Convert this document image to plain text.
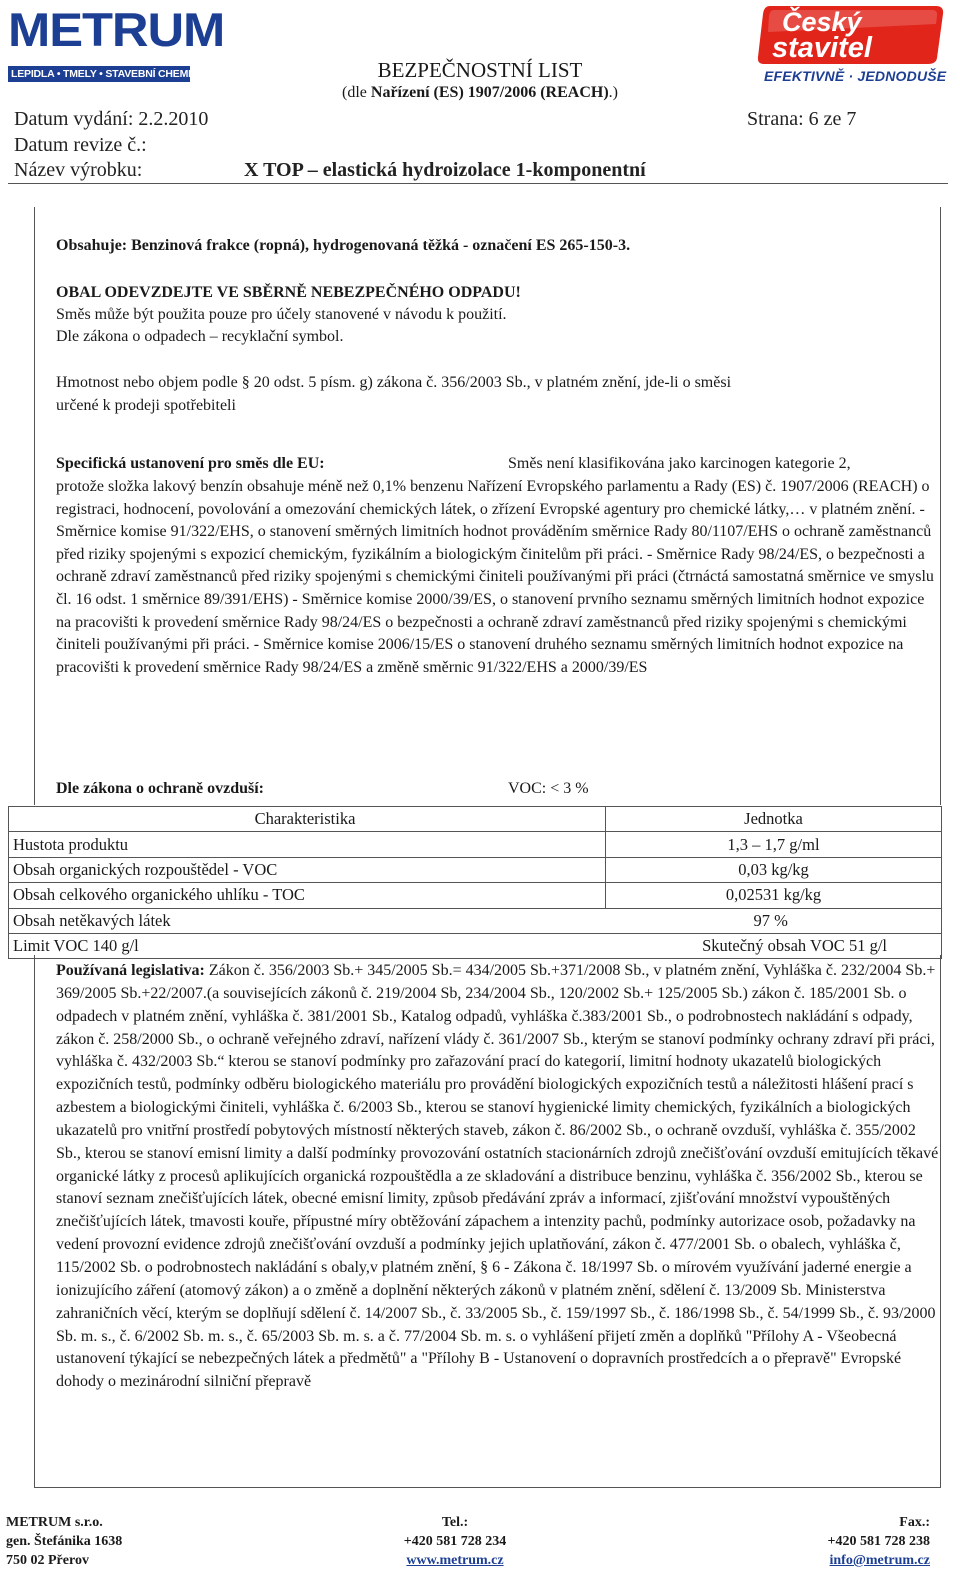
METRUM
LEPIDLA • TMELY • STAVEBNÍ CHEMIE
Český
stavitel
EFEKTIVNĚ · JEDNODUŠE
BEZPEČNOSTNÍ LIST
(dle Nařízení (ES) 1907/2006 (REACH).)
Datum vydání: 2.2.2010	Strana: 6 ze 7
Datum revize č.:
Název výrobku:	X TOP – elastická hydroizolace 1-komponentní
Obsahuje: Benzinová frakce (ropná), hydrogenovaná těžká - označení ES 265-150-3.
OBAL ODEVZDEJTE VE SBĚRNĚ NEBEZPEČNÉHO ODPADU!
Směs může být použita pouze pro účely stanovené v návodu k použití.
Dle zákona o odpadech – recyklační symbol.
Hmotnost nebo objem podle § 20 odst. 5 písm. g) zákona č. 356/2003 Sb., v platném znění, jde-li o směsi
určené k prodeji spotřebiteli
Specifická ustanovení pro směs dle EU:	Směs není klasifikována jako karcinogen kategorie 2,
protože složka lakový benzín obsahuje méně než 0,1% benzenu Nařízení Evropského parlamentu a Rady (ES) č. 1907/2006 (REACH) o registraci, hodnocení, povolování a omezování chemických látek, o zřízení Evropské agentury pro chemické látky,… v platném znění. - Směrnice komise 91/322/EHS, o stanovení směrných limitních hodnot prováděním směrnice Rady 80/1107/EHS o ochraně zaměstnanců před riziky spojenými s expozicí chemickým, fyzikálním a biologickým činitelům při práci. - Směrnice Rady 98/24/ES, o bezpečnosti a ochraně zdraví zaměstnanců před riziky spojenými s chemickými činiteli používanými při práci (čtrnáctá samostatná směrnice ve smyslu čl. 16 odst. 1 směrnice 89/391/EHS) - Směrnice komise 2000/39/ES, o stanovení prvního seznamu směrných limitních hodnot expozice na pracovišti k provedení směrnice Rady 98/24/ES o bezpečnosti a ochraně zdraví zaměstnanců před riziky spojenými s chemickými činiteli používanými při práci. - Směrnice komise 2006/15/ES o stanovení druhého seznamu směrných limitních hodnot expozice na pracovišti k provedení směrnice Rady 98/24/ES a změně směrnic 91/322/EHS a 2000/39/ES
Dle zákona o ochraně ovzduší:	VOC: < 3 %
Charakteristika	Jednotka
Hustota produktu	1,3 – 1,7 g/ml
Obsah organických rozpouštědel - VOC	0,03 kg/kg
Obsah celkového organického uhlíku - TOC	0,02531 kg/kg
Obsah netěkavých látek	97 %
Limit VOC 140 g/l	Skutečný obsah VOC 51 g/l
Používaná legislativa: Zákon č. 356/2003 Sb.+ 345/2005 Sb.= 434/2005 Sb.+371/2008 Sb., v platném znění, Vyhláška č. 232/2004 Sb.+ 369/2005 Sb.+22/2007.(a souvisejících zákonů č. 219/2004 Sb, 234/2004 Sb., 120/2002 Sb.+ 125/2005 Sb.) zákon č. 185/2001 Sb. o odpadech v platném znění, vyhláška č. 381/2001 Sb., Katalog odpadů, vyhláška č.383/2001 Sb., o podrobnostech nakládání s odpady, zákon č. 258/2000 Sb., o ochraně veřejného zdraví, nařízení vlády č. 361/2007 Sb., kterým se stanoví podmínky ochrany zdraví při práci, vyhláška č. 432/2003 Sb.“ kterou se stanoví podmínky pro zařazování prací do kategorií, limitní hodnoty ukazatelů biologických expozičních testů, podmínky odběru biologického materiálu pro provádění biologických expozičních testů a náležitosti hlášení prací s azbestem a biologickými činiteli, vyhláška č. 6/2003 Sb., kterou se stanoví hygienické limity chemických, fyzikálních a biologických ukazatelů pro vnitřní prostředí pobytových místností některých staveb, zákon č. 86/2002 Sb., o ochraně ovzduší, vyhláška č. 355/2002 Sb., kterou se stanoví emisní limity a další podmínky provozování ostatních stacionárních zdrojů znečišťování ovzduší emitujících těkavé organické látky z procesů aplikujících organická rozpouštědla a ze skladování a distribuce benzinu, vyhláška č. 356/2002 Sb., kterou se stanoví seznam znečišťujících látek, obecné emisní limity, způsob předávání zpráv a informací, zjišťování množství vypouštěných znečišťujících látek, tmavosti kouře, přípustné míry obtěžování zápachem a intenzity pachů, podmínky autorizace osob, požadavky na vedení provozní evidence zdrojů znečišťování ovzduší a podmínky jejich uplatňování, zákon č. 477/2001 Sb. o obalech, vyhláška č, 115/2002 Sb. o podrobnostech nakládání s obaly,v platném znění, § 6 - Zákona č. 18/1997 Sb. o mírovém využívání jaderné energie a ionizujícího záření (atomový zákon) a o změně a doplnění některých zákonů v platném znění, sdělení č. 13/2009 Sb. Ministerstva zahraničních věcí, kterým se doplňují sdělení č. 14/2007 Sb., č. 33/2005 Sb., č. 159/1997 Sb., č. 186/1998 Sb., č. 54/1999 Sb., č. 93/2000 Sb. m. s., č. 6/2002 Sb. m. s., č. 65/2003 Sb. m. s. a č. 77/2004 Sb. m. s. o vyhlášení přijetí změn a doplňků "Přílohy A - Všeobecná ustanovení týkající se nebezpečných látek a předmětů" a "Přílohy B - Ustanovení o dopravních prostředcích a o přepravě" Evropské dohody o mezinárodní silniční přepravě
METRUM s.r.o.
gen. Štefánika 1638
750 02 Přerov
Tel.:
+420 581 728 234
www.metrum.cz
Fax.:
+420 581 728 238
info@metrum.cz
